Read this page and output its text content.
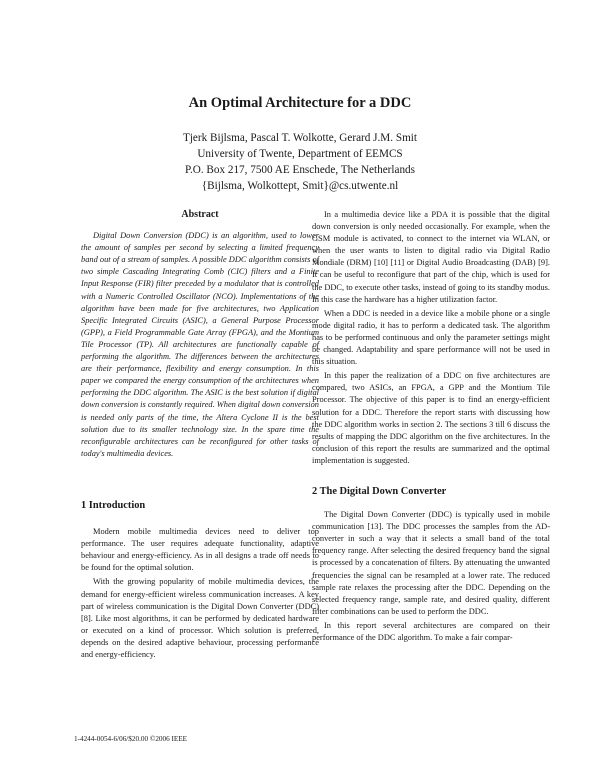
An Optimal Architecture for a DDC
Tjerk Bijlsma, Pascal T. Wolkotte, Gerard J.M. Smit
University of Twente, Department of EEMCS
P.O. Box 217, 7500 AE Enschede, The Netherlands
{Bijlsma, Wolkottept, Smit}@cs.utwente.nl
Abstract

Digital Down Conversion (DDC) is an algorithm, used to lower the amount of samples per second by selecting a limited frequency band out of a stream of samples. A possible DDC algorithm consists of two simple Cascading Integrating Comb (CIC) filters and a Finite Input Response (FIR) filter preceded by a modulator that is controlled with a Numeric Controlled Oscillator (NCO). Implementations of the algorithm have been made for five architectures, two Application Specific Integrated Circuits (ASIC), a General Purpose Processor (GPP), a Field Programmable Gate Array (FPGA), and the Montium Tile Processor (TP). All architectures are functionally capable of performing the algorithm. The differences between the architectures are their performance, flexibility and energy consumption. In this paper we compared the energy consumption of the architectures when performing the DDC algorithm. The ASIC is the best solution if digital down conversion is constantly required. When digital down conversion is needed only parts of the time, the Altera Cyclone II is the best solution due to its smaller technology size. In the spare time the reconfigurable architectures can be reconfigured for other tasks of today's multimedia devices.

1 Introduction

Modern mobile multimedia devices need to deliver top performance. The user requires adequate functionality, adaptive behaviour and energy-efficiency. As in all designs a trade off needs to be found for the optimal solution.

With the growing popularity of mobile multimedia devices, the demand for energy-efficient wireless communication increases. A key part of wireless communication is the Digital Down Converter (DDC) [8]. Like most algorithms, it can be performed by dedicated hardware or executed on a kind of processor. Which solution is preferred, depends on the desired adaptive behaviour, processing performance and energy-efficiency.

In a multimedia device like a PDA it is possible that the digital down conversion is only needed occasionally. For example, when the GSM module is activated, to connect to the internet via WLAN, or when the user wants to listen to digital radio via Digital Radio Mondiale (DRM) [10] [11] or Digital Audio Broadcasting (DAB) [9]. It can be useful to reconfigure that part of the chip, which is used for the DDC, to execute other tasks, instead of going to its standby modus. In this case the hardware has a higher utilization factor.

When a DDC is needed in a device like a mobile phone or a single mode digital radio, it has to perform a dedicated task. The algorithm has to be performed continuous and only the parameter settings might be changed. Adaptability and spare performance will not be used in this situation.

In this paper the realization of a DDC on five architectures are compared, two ASICs, an FPGA, a GPP and the Montium Tile Processor. The objective of this paper is to find an energy-efficient solution for a DDC. Therefore the report starts with discussing how the DDC algorithm works in section 2. The sections 3 till 6 discuss the results of mapping the DDC algorithm on the five architectures. In the conclusion of this report the results are summarized and the optimal implementation is suggested.

2 The Digital Down Converter

The Digital Down Converter (DDC) is typically used in mobile communication [13]. The DDC processes the samples from the AD-converter in such a way that it selects a small band of the total frequency range. After selecting the desired frequency band the signal is processed by a concatenation of filters. By attenuating the unwanted frequencies the signal can be resampled at a lower rate. The reduced sample rate relaxes the processing after the DDC. Depending on the selected frequency range, sample rate, and desired quality, different filter combinations can be used to perform the DDC.

In this report several architectures are compared on their performance of the DDC algorithm. To make a fair compar-

1-4244-0054-6/06/$20.00 ©2006 IEEE
